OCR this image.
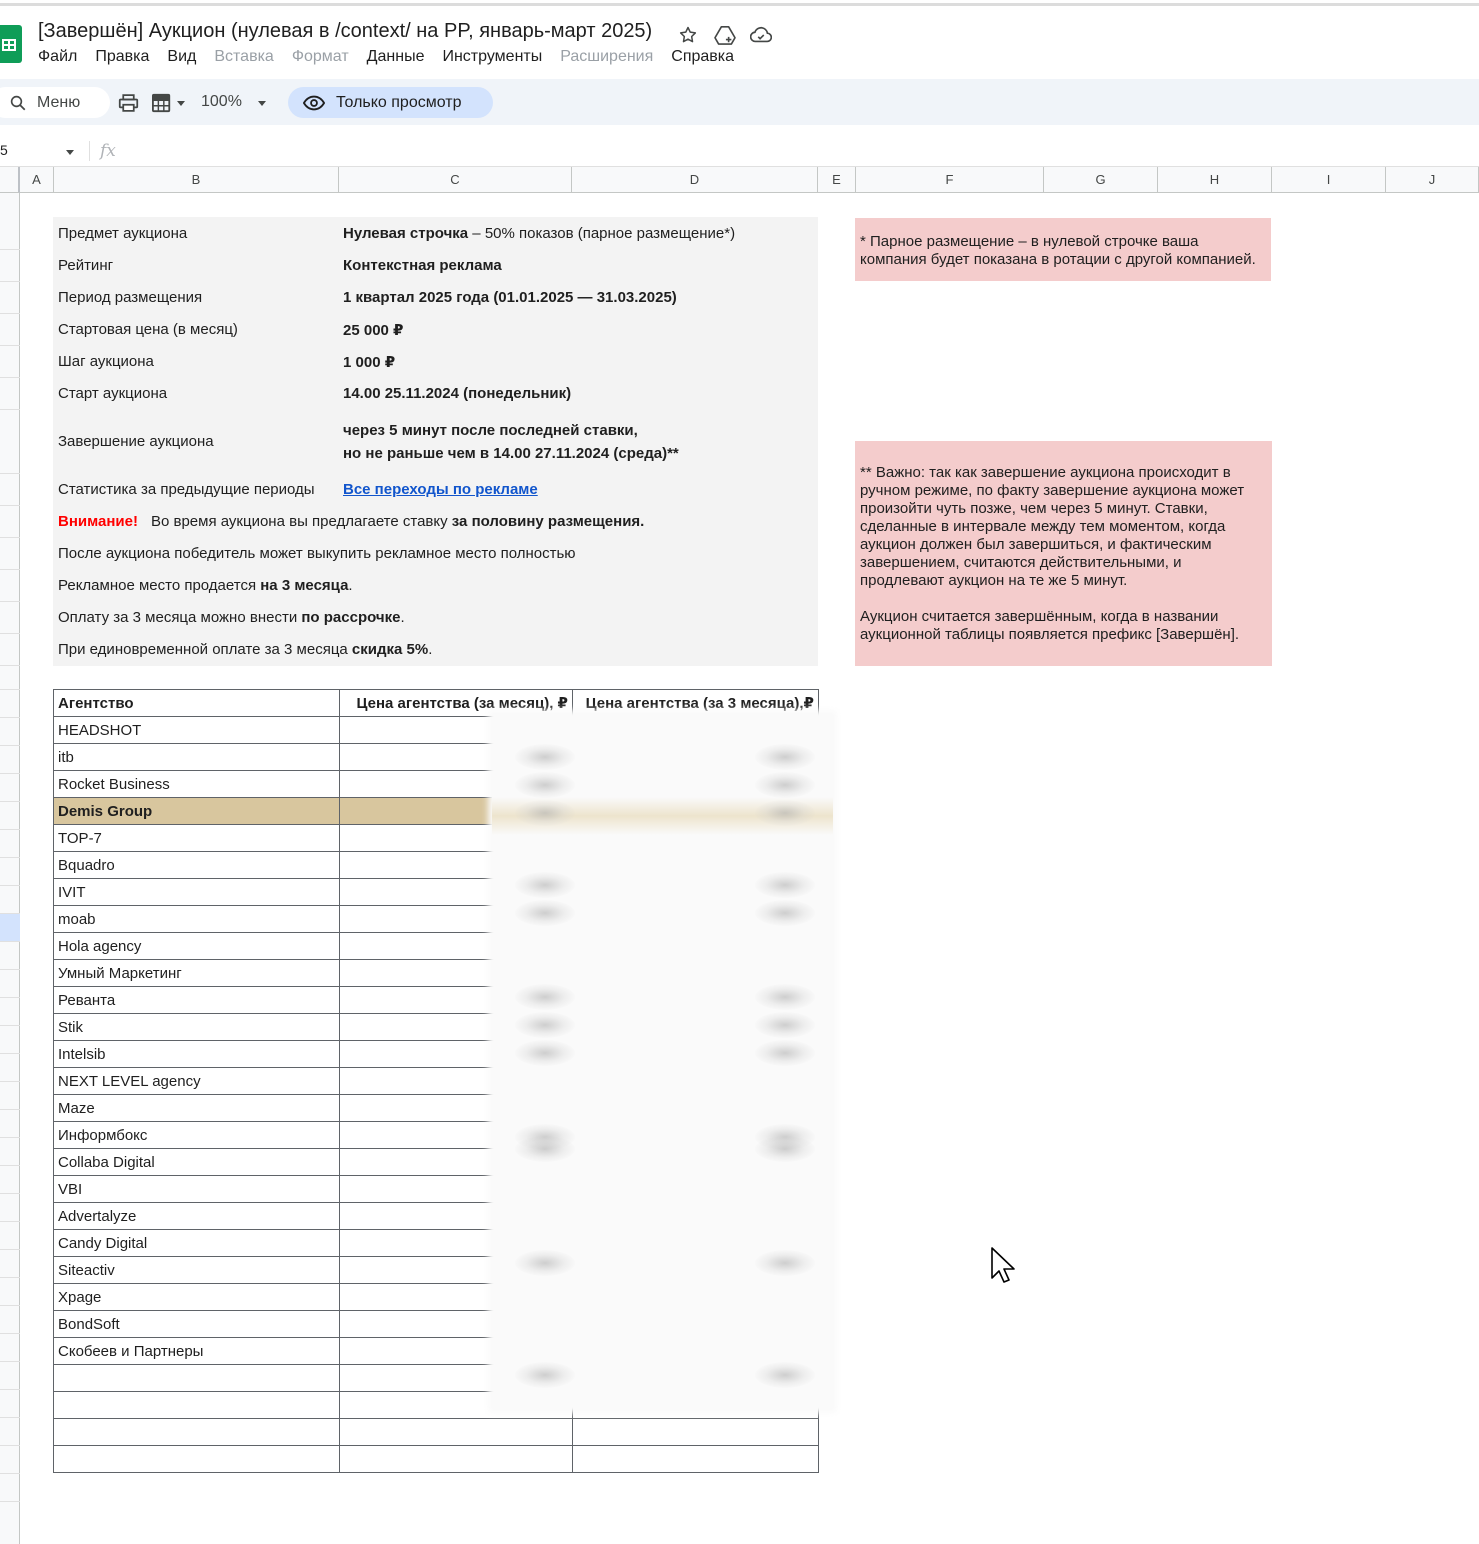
[Завершён] Аукцион (нулевая в /context/ на PP, январь-март 2025)
Файл Правка Вид Вставка Формат Данные Инструменты Расширения Справка
Меню	100%	Только просмотр
5	fx
A	B	C	D	E	F	G	H	I	J
Предмет аукциона	Нулевая строчка – 50% показов (парное размещение*)
Рейтинг	Контекстная реклама
Период размещения	1 квартал 2025 года (01.01.2025 — 31.03.2025)
Стартовая цена (в месяц)	25 000 ₽
Шаг аукциона	1 000 ₽
Старт аукциона	14.00 25.11.2024 (понедельник)
Завершение аукциона
через 5 минут после последней ставки,
но не раньше чем в 14.00 27.11.2024 (среда)**
Статистика за предыдущие периоды Все переходы по рекламе
Внимание! Во время аукциона вы предлагаете ставку за половину размещения.
После аукциона победитель может выкупить рекламное место полностью
Рекламное место продается на 3 месяца.
Оплату за 3 месяца можно внести по рассрочке.
При единовременной оплате за 3 месяца скидка 5%.

* Парное размещение – в нулевой строчке ваша компания будет показана в ротации с другой компанией.

** Важно: так как завершение аукциона происходит в ручном режиме, по факту завершение аукциона может произойти чуть позже, чем через 5 минут. Ставки, сделанные в интервале между тем моментом, когда аукцион должен был завершиться, и фактическим завершением, считаются действительными, и продлевают аукцион на те же 5 минут.

Аукцион считается завершённым, когда в названии аукционной таблицы появляется префикс [Завершён].

Агентство	Цена агентства (за месяц), ₽	Цена агентства (за 3 месяца),₽
HEADSHOT		
itb		
Rocket Business		
Demis Group		
TOP-7		
Bquadro		
IVIT		
moab		
Hola agency		
Умный Маркетинг		
Реванта		
Stik		
Intelsib		
NEXT LEVEL agency		
Maze		
Информбокс		
Collaba Digital		
VBI		
Advertalyze		
Candy Digital		
Siteactiv		
Xpage		
BondSoft		
Скобеев и Партнеры		
